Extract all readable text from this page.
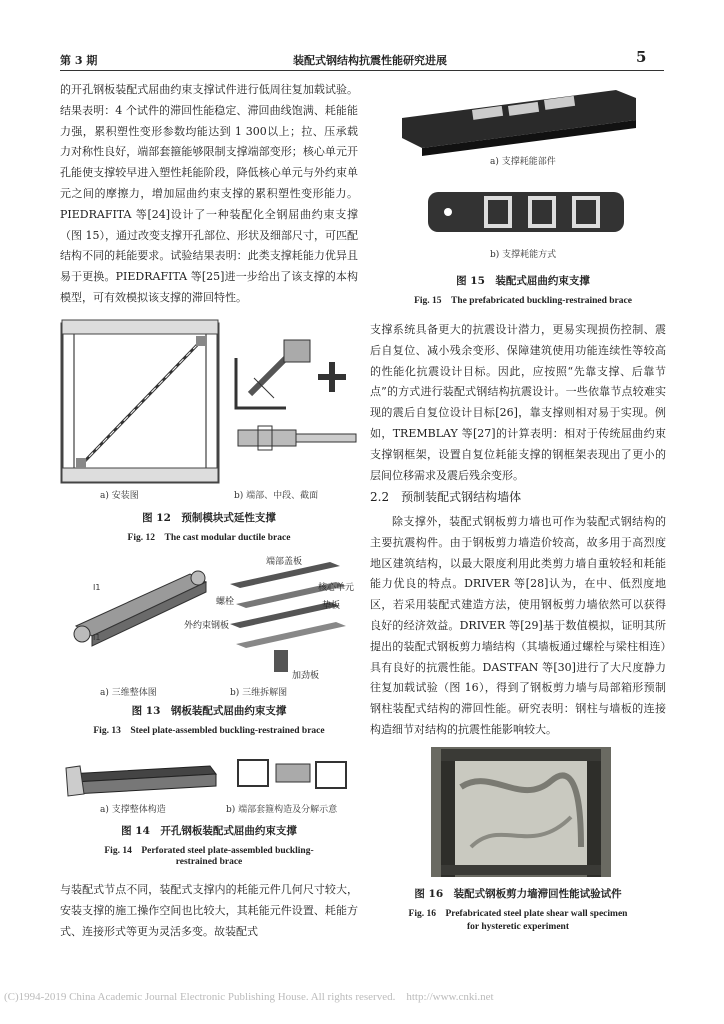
第 3 期	装配式钢结构抗震性能研究进展	5
的开孔钢板装配式屈曲约束支撑试件进行低周往复加载试验。结果表明：4 个试件的滞回性能稳定、滞回曲线饱满、耗能能力强，累积塑性变形参数均能达到 1 300以上；拉、压承载力对称性良好，端部套箍能够限制支撑端部变形；核心单元开孔能使支撑较早进入塑性耗能阶段，降低核心单元与外约束单元之间的摩擦力，增加屈曲约束支撑的累积塑性变形能力。PIEDRAFITA 等[24]设计了一种装配化全钢屈曲约束支撑（图 15），通过改变支撑开孔部位、形状及细部尺寸，可匹配结构不同的耗能要求。试验结果表明：此类支撑耗能力优异且易于更换。PIEDRAFITA 等[25]进一步给出了该支撑的本构模型，可有效模拟该支撑的滞回特性。
a) 安装图	b) 端部、中段、截面
图 12　预制模块式延性支撑
Fig. 12　The cast modular ductile brace
I1
I1
端部盖板
核心单元
螺栓	垫板
外约束钢板
加劲板
a) 三维整体图	b) 三维拆解图
图 13　钢板装配式屈曲约束支撑
Fig. 13　Steel plate-assembled buckling-restrained brace
a) 支撑整体构造	b) 端部套箍构造及分解示意
图 14　开孔钢板装配式屈曲约束支撑
Fig. 14　Perforated steel plate-assembled buckling-
restrained brace
与装配式节点不同，装配式支撑内的耗能元件几何尺寸较大，安装支撑的施工操作空间也比较大，其耗能元件设置、耗能方式、连接形式等更为灵活多变。故装配式
a) 支撑耗能部件
b) 支撑耗能方式
图 15　装配式屈曲约束支撑
Fig. 15　The prefabricated buckling-restrained brace
支撑系统具备更大的抗震设计潜力，更易实现损伤控制、震后自复位、减小残余变形、保障建筑使用功能连续性等较高的性能化抗震设计目标。因此，应按照“先靠支撑、后靠节点”的方式进行装配式钢结构抗震设计。一些依靠节点较难实现的震后自复位设计目标[26]，靠支撑则相对易于实现。例如，TREMBLAY 等[27]的计算表明：相对于传统屈曲约束支撑钢框架，设置自复位耗能支撑的钢框架表现出了更小的层间位移需求及震后残余变形。
2.2　预制装配式钢结构墙体
除支撑外，装配式钢板剪力墙也可作为装配式钢结构的主要抗震构件。由于钢板剪力墙造价较高，故多用于高烈度地区建筑结构，以最大限度利用此类剪力墙自重较轻和耗能能力优良的特点。DRIVER 等[28]认为，在中、低烈度地区，若采用装配式建造方法，使用钢板剪力墙依然可以获得良好的经济效益。DRIVER 等[29]基于数值模拟，证明其所提出的装配式钢板剪力墙结构（其墙板通过螺栓与梁柱相连）具有良好的抗震性能。DASTFAN 等[30]进行了大尺度静力往复加载试验（图 16），得到了钢板剪力墙与局部箱形预制钢柱装配式结构的滞回性能。研究表明：钢柱与墙板的连接构造细节对结构的抗震性能影响较大。
图 16　装配式钢板剪力墙滞回性能试验试件
Fig. 16　Prefabricated steel plate shear wall specimen
for hysteretic experiment
(C)1994-2019 China Academic Journal Electronic Publishing House. All rights reserved.　http://www.cnki.net
